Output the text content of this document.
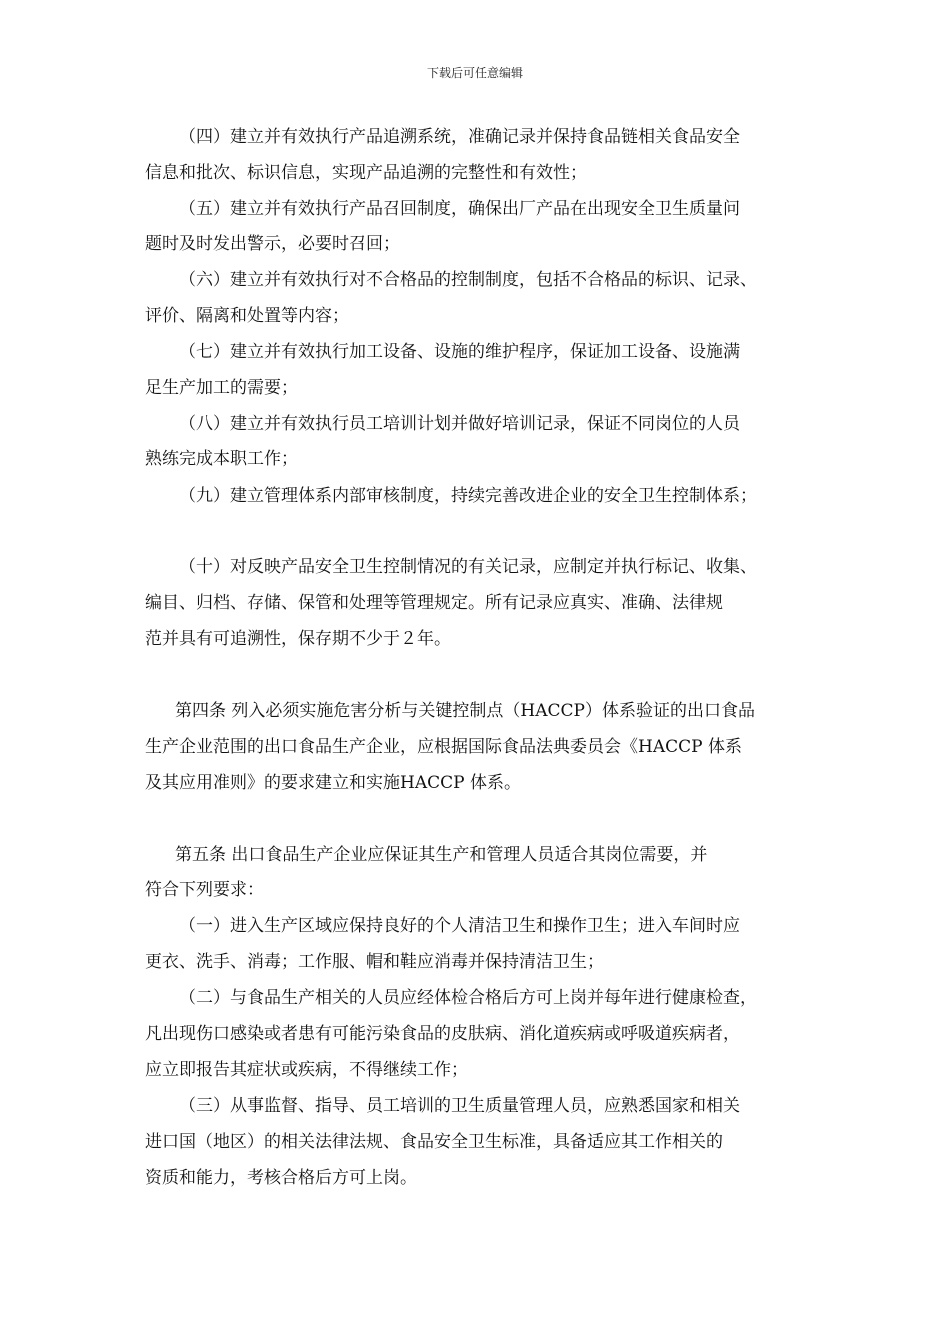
下载后可任意编辑
（四）建立并有效执行产品追溯系统，准确记录并保持食品链相关食品安全
信息和批次、标识信息，实现产品追溯的完整性和有效性；
（五）建立并有效执行产品召回制度，确保出厂产品在出现安全卫生质量问
题时及时发出警示，必要时召回；
（六）建立并有效执行对不合格品的控制制度，包括不合格品的标识、记录、
评价、隔离和处置等内容；
（七）建立并有效执行加工设备、设施的维护程序，保证加工设备、设施满
足生产加工的需要；
（八）建立并有效执行员工培训计划并做好培训记录，保证不同岗位的人员
熟练完成本职工作；
（九）建立管理体系内部审核制度，持续完善改进企业的安全卫生控制体系；
（十）对反映产品安全卫生控制情况的有关记录，应制定并执行标记、收集、
编目、归档、存储、保管和处理等管理规定。所有记录应真实、准确、法律规
范并具有可追溯性，保存期不少于２年。
第四条 列入必须实施危害分析与关键控制点（HACCP）体系验证的出口食品
生产企业范围的出口食品生产企业，应根据国际食品法典委员会《HACCP 体系
及其应用准则》的要求建立和实施HACCP 体系。
第五条 出口食品生产企业应保证其生产和管理人员适合其岗位需要，并
符合下列要求：
（一）进入生产区域应保持良好的个人清洁卫生和操作卫生；进入车间时应
更衣、洗手、消毒；工作服、帽和鞋应消毒并保持清洁卫生；
（二）与食品生产相关的人员应经体检合格后方可上岗并每年进行健康检查，
凡出现伤口感染或者患有可能污染食品的皮肤病、消化道疾病或呼吸道疾病者，
应立即报告其症状或疾病，不得继续工作；
（三）从事监督、指导、员工培训的卫生质量管理人员，应熟悉国家和相关
进口国（地区）的相关法律法规、食品安全卫生标准，具备适应其工作相关的
资质和能力，考核合格后方可上岗。
